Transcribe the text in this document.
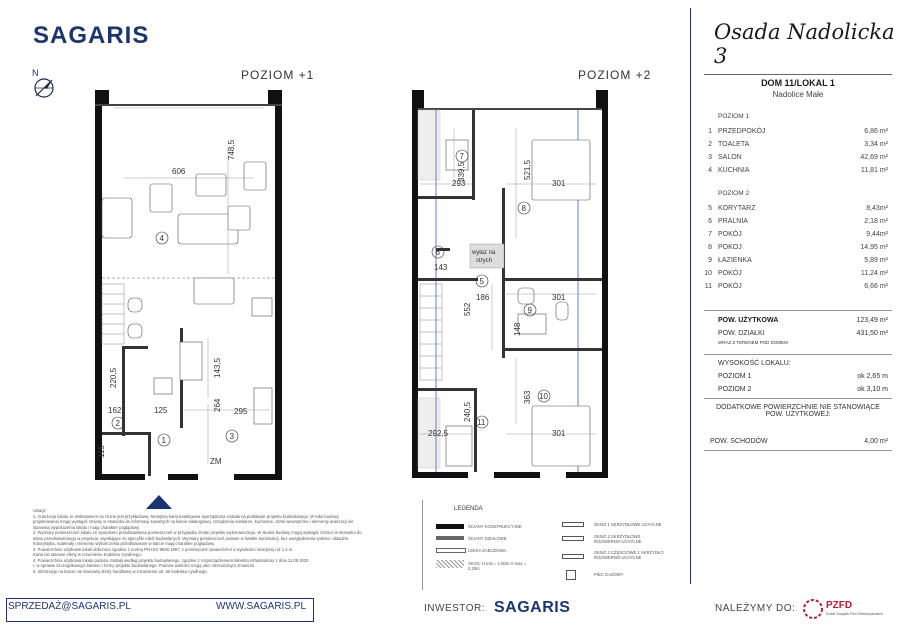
SAGARIS
N	POZIOM +1	POZIOM +2
606
748,5
162	125
220,5	143,5
264 295
115
1
2
3
4
ZM
wyłaz na
strych
339,5
293
521,5
301
143
186
552
301
148
363
240,5
292,5	301
5
6
7
8
9
10
11
Uwagi:
1. Aranżacja lokalu ze wskazaniem na rzucie jest przykładowa. Niniejsza karta katalogowa sporządzona została na podstawie projektu budowlanego. W toku budowy
projektowanej mogą wystąpić zmiany w stosunku do informacji zawartych na karcie katalogowej. Urządzenia sanitarne, kuchenne, drzwi wewnętrzne i elementy aranżacji nie
stanowią wyposażenia lokalu i mają charakter poglądowy.
2. Wymiary pomieszczeń lokalu ze sposobem przedstawienia pomieszczeń w przypadku zmian projektu wykonawczego, W skutek budowy mogą wystąpić różnice w stosunku do
stanu przedstawionego w projekcie, wynikające ze specyfiki robót budowlanych. Wymiary pomieszczeń podane w świetle konstrukcji, bez uwzględnienia tynków i okładzin.
Kolorystyka, materiały i elementy wykończenia przedstawione w karcie mają charakter poglądowy.
3. Powierzchnie użytkowe lokali obliczono zgodnie z normą PN-ISO 9836:1997, z pominięciem powierzchni o wysokości mniejszej niż 1,4 m.
Karta nie stanowi oferty w rozumieniu Kodeksu Cywilnego.
4. Powierzchnia użytkowa lokalu podana została według projektu budowlanego, zgodnie z rozporządzeniem Ministra Infrastruktury z dnia 11.09.2020
r. w sprawie szczegółowego zakresu i formy projektu budowlanego. Podane wartości mogą ulec nieznacznym zmianom.
5. Informacje na karcie nie stanowią oferty handlowej w rozumieniu art. 66 kodeksu cywilnego.
LEGENDA
ŚCIANY KONSTRUKCYJNE
ŚCIANY DZIAŁOWE
LEKKA ZABUDOWA
SKOS: H min = 1,90m H max = 2,20m
OKNO 1 SKRZYDŁOWE UCHYLNE
OKNO 2 SKRZYDŁOWE ROZWIERNO-UCHYLNE
OKNO 2 CZĘŚCIOWE 1 SKRZYDŁO ROZWIERNO-UCHYLNE
PIEC GAZOWY
Osada Nadolicka 3
DOM 11/LOKAL 1
Nadolice Małe
POZIOM 1
1 PRZEDPOKÓJ	6,86 m²
2 TOALETA	3,34 m²
3 SALON	42,69 m²
4 KUCHNIA	11,81 m²
POZIOM 2
5 KORYTARZ	8,43m²
6 PRALNIA	2,18 m²
7 POKÓJ	9,44m²
8 POKOJ	14,95 m²
9 ŁAZIENKA	5,89 m²
10 POKÓJ	11,24 m²
11 POKÓJ	6,66 m²
POW. UŻYTKOWA	123,49 m²
POW. DZIAŁKI	431,50 m²
WRAZ Z TERENEM POD DOMEM
WYSOKOŚĆ LOKALU:
POZIOM 1	ok 2,65 m
POZIOM 2	ok 3,10 m
DODATKOWE POWIERZCHNIE NIE STANOWIĄCE
POW. UŻYTKOWEJ:
POW. SCHODÓW	4,00 m²
SPRZEDAŻ@SAGARIS.PL	WWW.SAGARIS.PL	INWESTOR: SAGARIS	NALEŻYMY DO:	PZFD
Polski Związek Firm Deweloperskich
